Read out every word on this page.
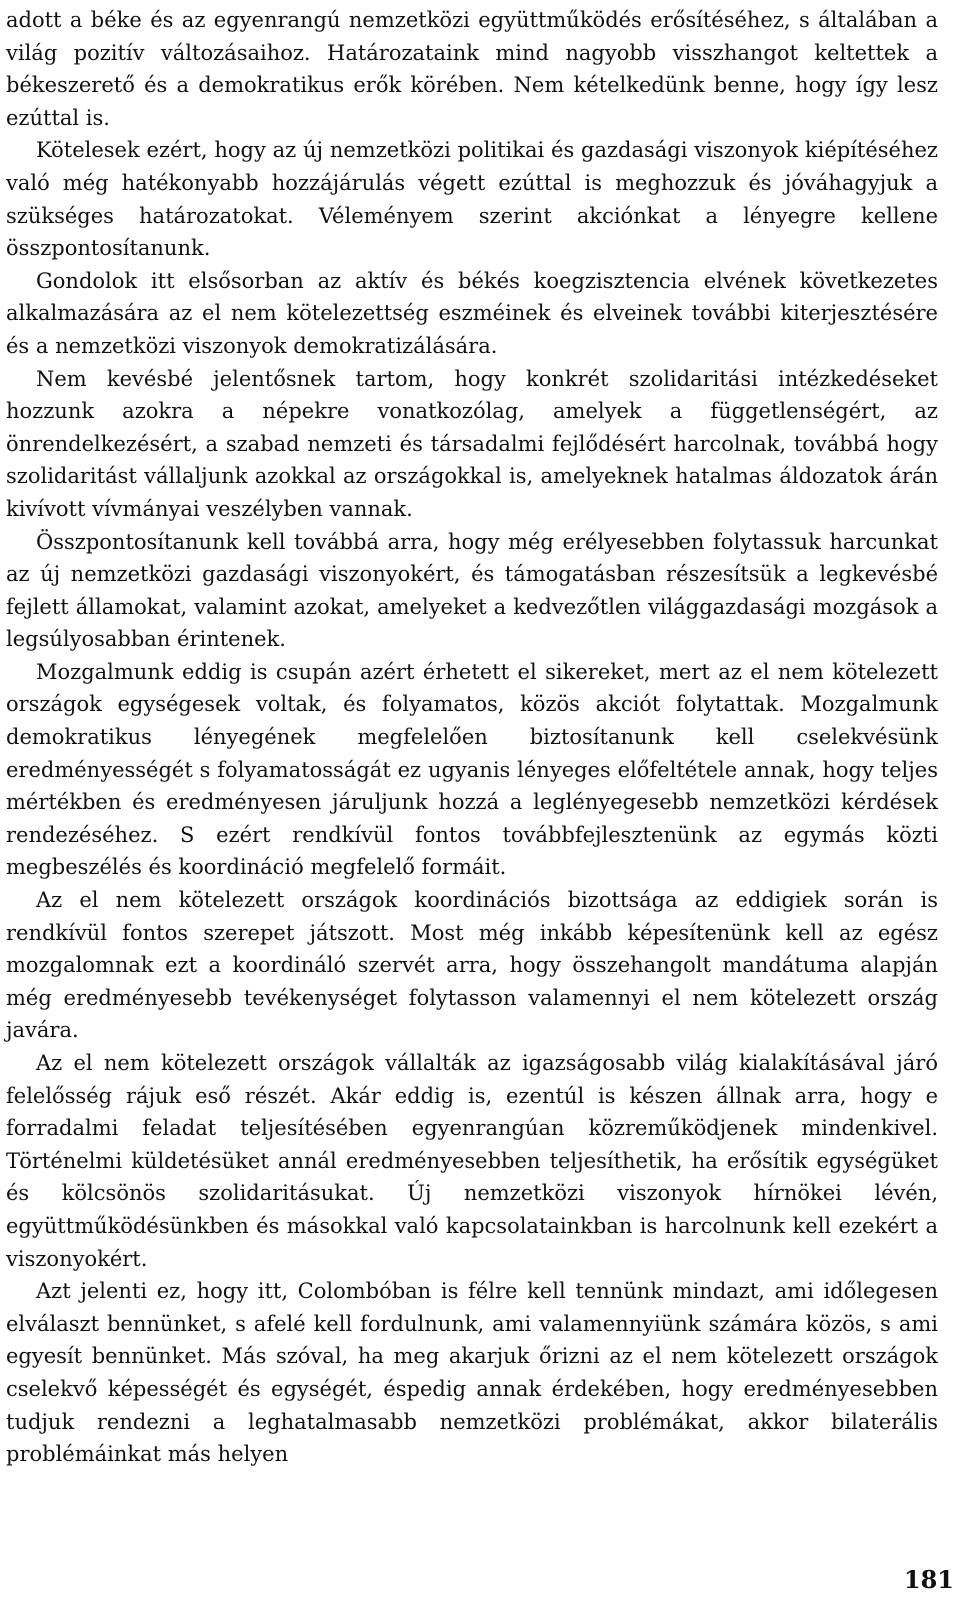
adott a béke és az egyenrangú nemzetközi együttműködés erősítéséhez, s általában a világ pozitív változásaihoz. Határozataink mind nagyobb visszhangot keltettek a békeszerető és a demokratikus erők körében. Nem kételkedünk benne, hogy így lesz ezúttal is.

Kötelesek ezért, hogy az új nemzetközi politikai és gazdasági viszonyok kiépítéséhez való még hatékonyabb hozzájárulás végett ezúttal is meghozzuk és jóváhagyjuk a szükséges határozatokat. Véleményem szerint akciónkat a lényegre kellene összpontosítanunk.

Gondolok itt elsősorban az aktív és békés koegzisztencia elvének következetes alkalmazására az el nem kötelezettség eszméinek és elveinek további kiterjesztésére és a nemzetközi viszonyok demokratizálására.

Nem kevésbé jelentősnek tartom, hogy konkrét szolidaritási intézkedéseket hozzunk azokra a népekre vonatkozólag, amelyek a függetlenségért, az önrendelkezésért, a szabad nemzeti és társadalmi fejlődésért harcolnak, továbbá hogy szolidaritást vállaljunk azokkal az országokkal is, amelyeknek hatalmas áldozatok árán kivívott vívmányai veszélyben vannak.

Összpontosítanunk kell továbbá arra, hogy még erélyesebben folytassuk harcunkat az új nemzetközi gazdasági viszonyokért, és támogatásban részesítsük a legkevésbé fejlett államokat, valamint azokat, amelyeket a kedvezőtlen világgazdasági mozgások a legsúlyosabban érintenek.

Mozgalmunk eddig is csupán azért érhetett el sikereket, mert az el nem kötelezett országok egységesek voltak, és folyamatos, közös akciót folytattak. Mozgalmunk demokratikus lényegének megfelelően biztosítanunk kell cselekvésünk eredményességét s folyamatosságát ez ugyanis lényeges előfeltétele annak, hogy teljes mértékben és eredményesen járuljunk hozzá a leglényegesebb nemzetközi kérdések rendezéséhez. S ezért rendkívül fontos továbbfejlesztenünk az egymás közti megbeszélés és koordináció megfelelő formáit.

Az el nem kötelezett országok koordinációs bizottsága az eddigiek során is rendkívül fontos szerepet játszott. Most még inkább képesítenünk kell az egész mozgalomnak ezt a koordináló szervét arra, hogy összehangolt mandátuma alapján még eredményesebb tevékenységet folytasson valamennyi el nem kötelezett ország javára.

Az el nem kötelezett országok vállalták az igazságosabb világ kialakításával járó felelősség rájuk eső részét. Akár eddig is, ezentúl is készen állnak arra, hogy e forradalmi feladat teljesítésében egyenrangúan közreműködjenek mindenkivel. Történelmi küldetésüket annál eredményesebben teljesíthetik, ha erősítik egységüket és kölcsönös szolidaritásukat. Új nemzetközi viszonyok hírnökei lévén, együttműködésünkben és másokkal való kapcsolatainkban is harcolnunk kell ezekért a viszonyokért.

Azt jelenti ez, hogy itt, Colombóban is félre kell tennünk mindazt, ami időlegesen elválaszt bennünket, s afelé kell fordulnunk, ami valamennyiünk számára közös, s ami egyesít bennünket. Más szóval, ha meg akarjuk őrizni az el nem kötelezett országok cselekvő képességét és egységét, éspedig annak érdekében, hogy eredményesebben tudjuk rendezni a leghatalmasabb nemzetközi problémákat, akkor bilaterális problémáinkat más helyen

181
